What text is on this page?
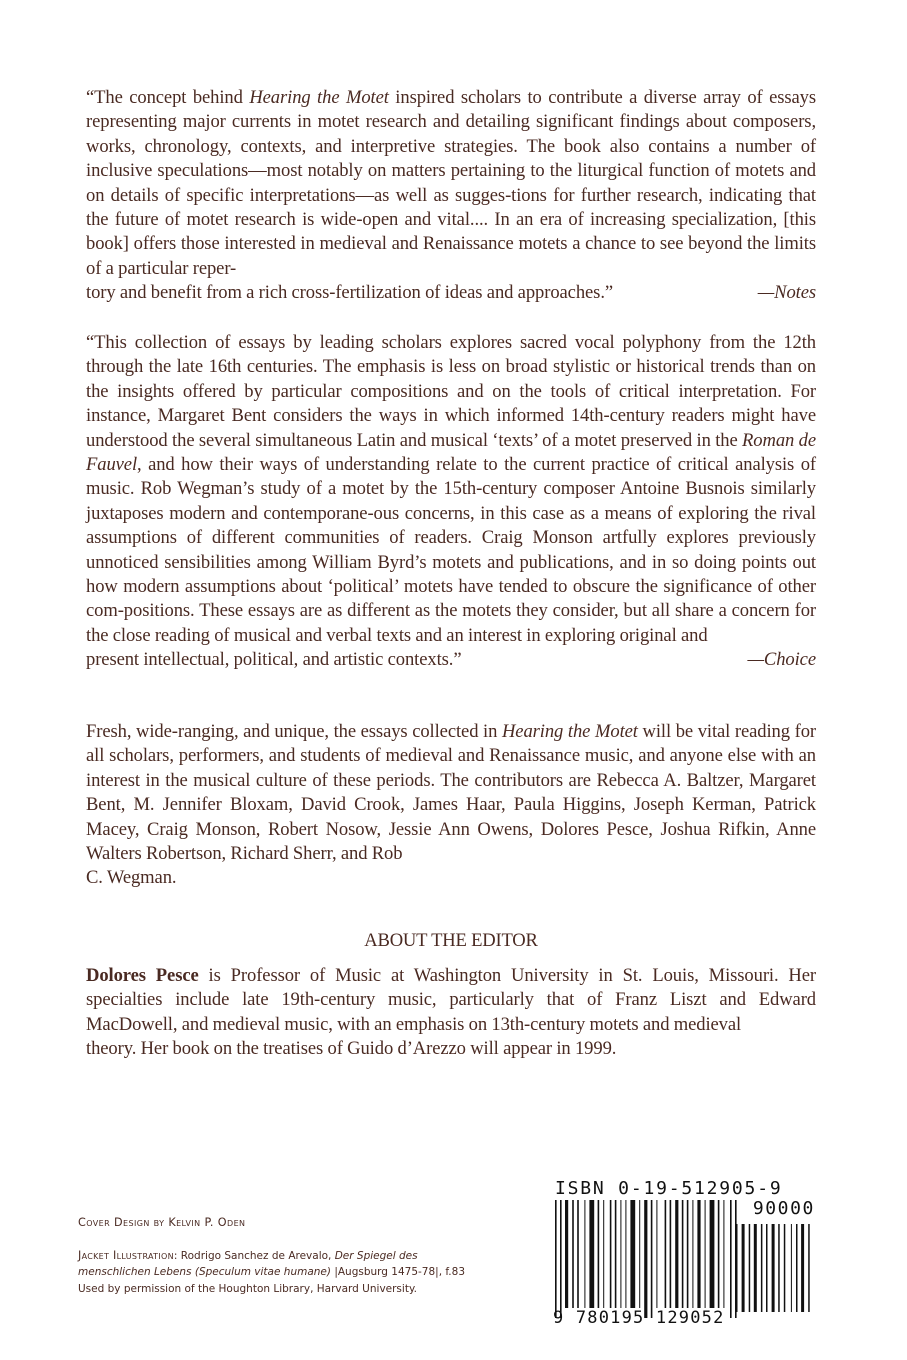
“The concept behind Hearing the Motet inspired scholars to contribute a diverse array of essays representing major currents in motet research and detailing significant findings about composers, works, chronology, contexts, and interpretive strategies. The book also contains a number of inclusive speculations—most notably on matters pertaining to the liturgical function of motets and on details of specific interpretations—as well as sugges-tions for further research, indicating that the future of motet research is wide-open and vital.... In an era of increasing specialization, [this book] offers those interested in medieval and Renaissance motets a chance to see beyond the limits of a particular reper-

tory and benefit from a rich cross-fertilization of ideas and approaches.”	—Notes

“This collection of essays by leading scholars explores sacred vocal polyphony from the 12th through the late 16th centuries. The emphasis is less on broad stylistic or historical trends than on the insights offered by particular compositions and on the tools of critical interpretation. For instance, Margaret Bent considers the ways in which informed 14th-century readers might have understood the several simultaneous Latin and musical ‘texts’ of a motet preserved in the Roman de Fauvel, and how their ways of understanding relate to the current practice of critical analysis of music. Rob Wegman’s study of a motet by the 15th-century composer Antoine Busnois similarly juxtaposes modern and contemporane-ous concerns, in this case as a means of exploring the rival assumptions of different communities of readers. Craig Monson artfully explores previously unnoticed sensibilities among William Byrd’s motets and publications, and in so doing points out how modern assumptions about ‘political’ motets have tended to obscure the significance of other com-positions. These essays are as different as the motets they consider, but all share a concern for the close reading of musical and verbal texts and an interest in exploring original and

present intellectual, political, and artistic contexts.”	—Choice

Fresh, wide-ranging, and unique, the essays collected in Hearing the Motet will be vital reading for all scholars, performers, and students of medieval and Renaissance music, and anyone else with an interest in the musical culture of these periods. The contributors are Rebecca A. Baltzer, Margaret Bent, M. Jennifer Bloxam, David Crook, James Haar, Paula Higgins, Joseph Kerman, Patrick Macey, Craig Monson, Robert Nosow, Jessie Ann Owens, Dolores Pesce, Joshua Rifkin, Anne Walters Robertson, Richard Sherr, and Rob

C. Wegman.
ABOUT THE EDITOR

Dolores Pesce is Professor of Music at Washington University in St. Louis, Missouri. Her specialties include late 19th-century music, particularly that of Franz Liszt and Edward MacDowell, and medieval music, with an emphasis on 13th-century motets and medieval

theory. Her book on the treatises of Guido d’Arezzo will appear in 1999.
Cover Design by Kelvin P. Oden
Jacket Illustration: Rodrigo Sanchez de Arevalo, Der Spiegel des menschlichen Lebens (Speculum vitae humane) |Augsburg 1475-78|, f.83 Used by permission of the Houghton Library, Harvard University.
ISBN 0-19-512905-9
90000
9 780195 129052
